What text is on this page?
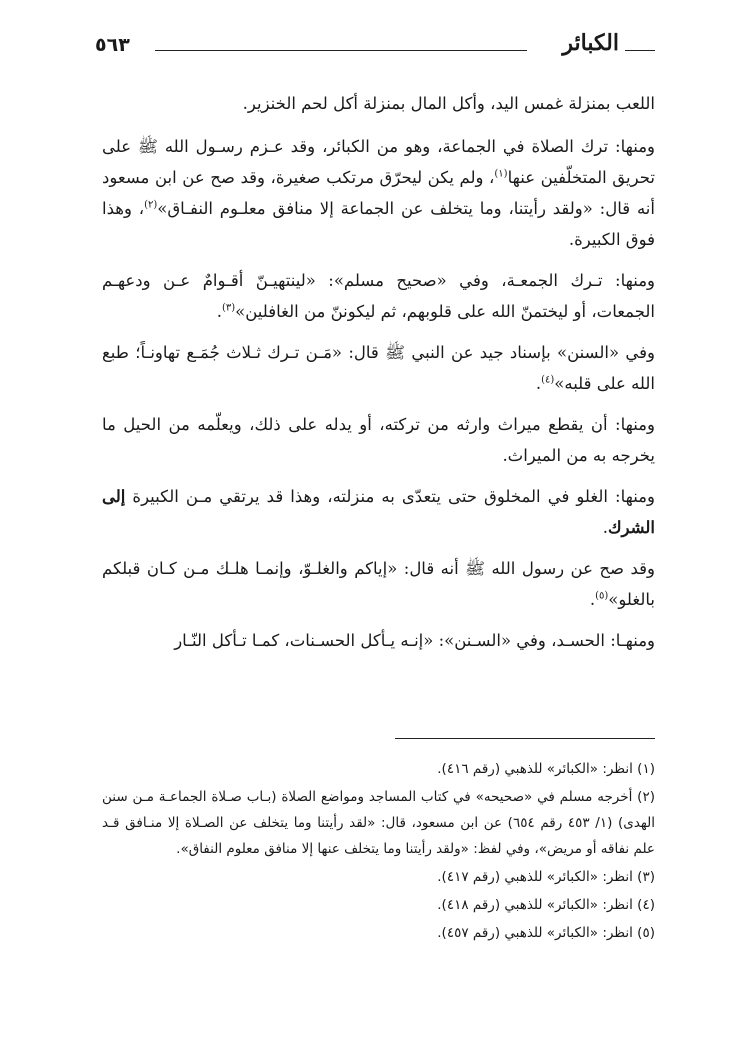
٥٦٣	الكبائر

اللعب بمنزلة غمس اليد، وأكل المال بمنزلة أكل لحم الخنزير.

ومنها: ترك الصلاة في الجماعة، وهو من الكبائر، وقد عـزم رسـول الله ﷺ على تحريق المتخلّفين عنها$^{(١)}$، ولم يكن ليحرّق مرتكب صغيرة، وقد صح عن ابن مسعود أنه قال: «ولقد رأيتنا، وما يتخلف عن الجماعة إلا منافق معلـوم النفـاق»$^{(٢)}$، وهذا فوق الكبيرة.

ومنها: تـرك الجمعـة، وفي «صحيح مسلم»: «لينتهيـنّ أقـوامٌ عـن ودعهـم الجمعات، أو ليختمنّ الله على قلوبهم، ثم ليكوننّ من الغافلين»$^{(٣)}$.

وفي «السنن» بإسناد جيد عن النبي ﷺ قال: «مَـن تـرك ثـلاث جُمَـع تهاونـاً؛ طبع الله على قلبه»$^{(٤)}$.

ومنها: أن يقطع ميراث وارثه من تركته، أو يدله على ذلك، ويعلّمه من الحيل ما يخرجه به من الميراث.

ومنها: الغلو في المخلوق حتى يتعدّى به منزلته، وهذا قد يرتقي مـن الكبيرة إلى الشرك.

وقد صح عن رسول الله ﷺ أنه قال: «إياكم والغلـوّ، وإنمـا هلـك مـن كـان قبلكم بالغلو»$^{(٥)}$.

ومنهـا: الحسـد، وفي «السـنن»: «إنـه يـأكل الحسـنات، كمـا تـأكل النّـار

(١) انظر: «الكبائر» للذهبي (رقم ٤١٦).

(٢) أخرجه مسلم في «صحيحه» في كتاب المساجد ومواضع الصلاة (بـاب صـلاة الجماعـة مـن سنن الهدى) (١/ ٤٥٣ رقم ٦٥٤) عن ابن مسعود، قال: «لقد رأيتنا وما يتخلف عن الصـلاة إلا منـافق قـد علم نفاقه أو مريض»، وفي لفظ: «ولقد رأيتنا وما يتخلف عنها إلا منافق معلوم النفاق».

(٣) انظر: «الكبائر» للذهبي (رقم ٤١٧).

(٤) انظر: «الكبائر» للذهبي (رقم ٤١٨).

(٥) انظر: «الكبائر» للذهبي (رقم ٤٥٧).
